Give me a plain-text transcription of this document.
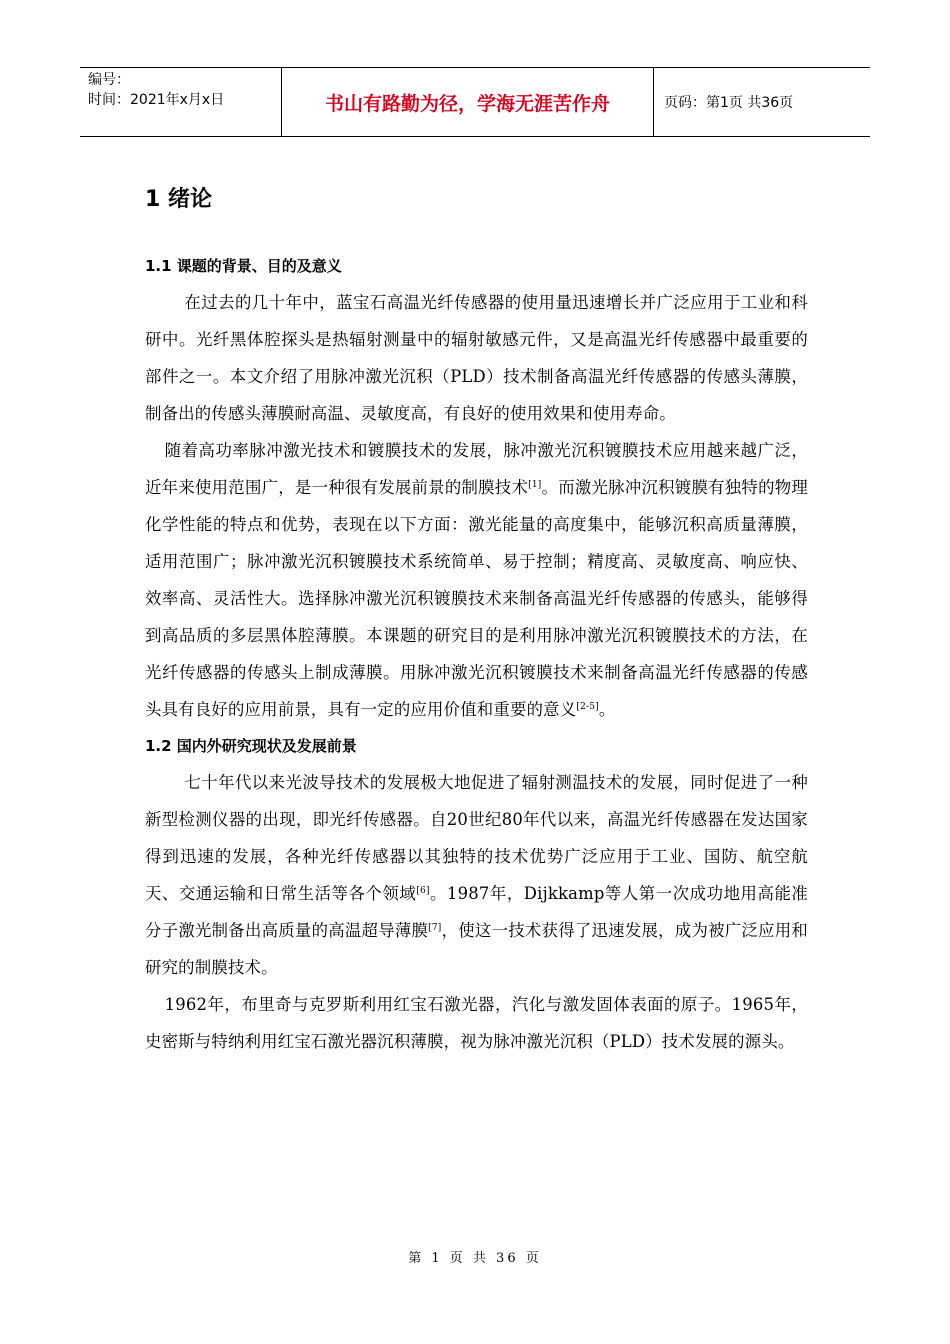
编号：
时间：2021年x月x日	书山有路勤为径，学海无涯苦作舟	页码：第1页 共36页
1 绪论
1.1 课题的背景、目的及意义

在过去的几十年中，蓝宝石高温光纤传感器的使用量迅速增长并广泛应用于工业和科研中。光纤黑体腔探头是热辐射测量中的辐射敏感元件，又是高温光纤传感器中最重要的部件之一。本文介绍了用脉冲激光沉积（PLD）技术制备高温光纤传感器的传感头薄膜，制备出的传感头薄膜耐高温、灵敏度高，有良好的使用效果和使用寿命。

随着高功率脉冲激光技术和镀膜技术的发展，脉冲激光沉积镀膜技术应用越来越广泛，近年来使用范围广，是一种很有发展前景的制膜技术[1]。而激光脉冲沉积镀膜有独特的物理化学性能的特点和优势，表现在以下方面：激光能量的高度集中，能够沉积高质量薄膜，适用范围广；脉冲激光沉积镀膜技术系统简单、易于控制；精度高、灵敏度高、响应快、效率高、灵活性大。选择脉冲激光沉积镀膜技术来制备高温光纤传感器的传感头，能够得到高品质的多层黑体腔薄膜。本课题的研究目的是利用脉冲激光沉积镀膜技术的方法，在光纤传感器的传感头上制成薄膜。用脉冲激光沉积镀膜技术来制备高温光纤传感器的传感头具有良好的应用前景，具有一定的应用价值和重要的意义[2-5]。

1.2 国内外研究现状及发展前景

七十年代以来光波导技术的发展极大地促进了辐射测温技术的发展，同时促进了一种新型检测仪器的出现，即光纤传感器。自20世纪80年代以来，高温光纤传感器在发达国家得到迅速的发展，各种光纤传感器以其独特的技术优势广泛应用于工业、国防、航空航天、交通运输和日常生活等各个领域[6]。1987年，Dijkkamp等人第一次成功地用高能准分子激光制备出高质量的高温超导薄膜[7]，使这一技术获得了迅速发展，成为被广泛应用和研究的制膜技术。

1962年，布里奇与克罗斯利用红宝石激光器，汽化与激发固体表面的原子。1965年，史密斯与特纳利用红宝石激光器沉积薄膜，视为脉冲激光沉积（PLD）技术发展的源头。

第 1 页 共 36 页
